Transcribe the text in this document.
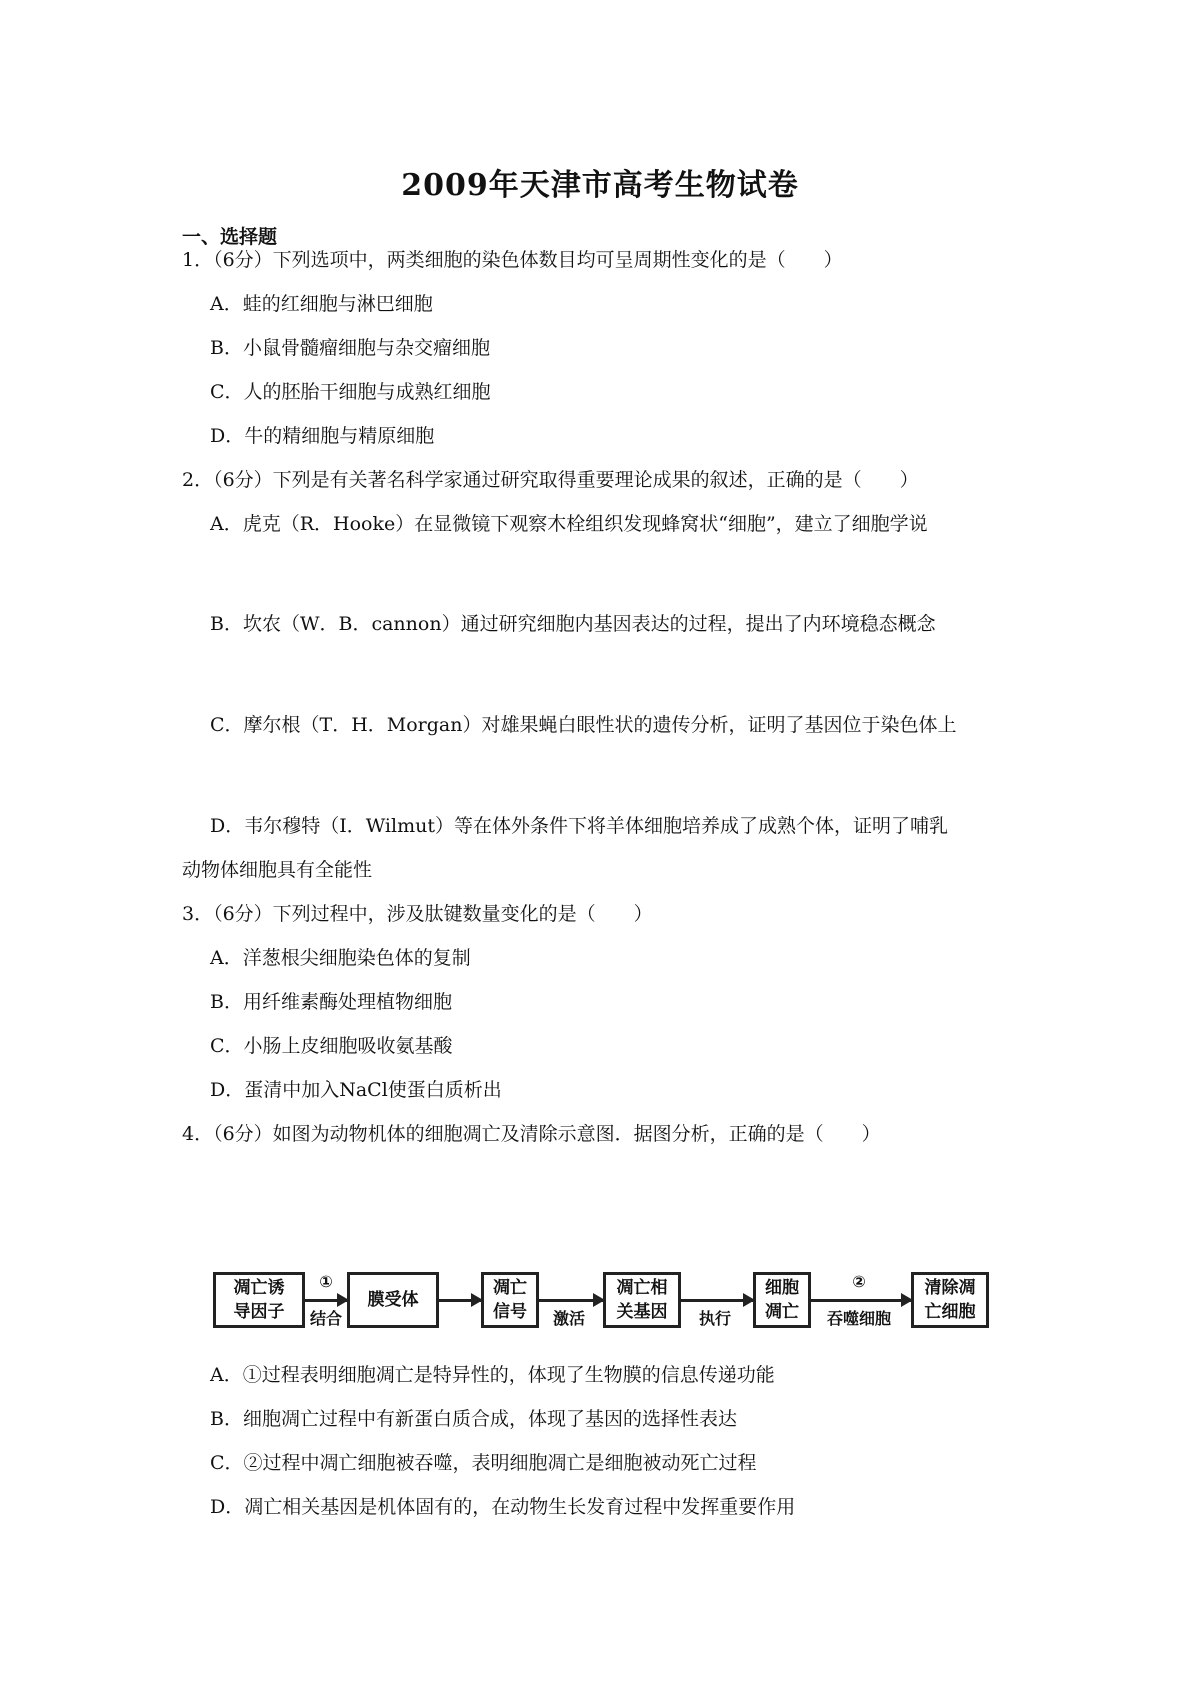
2009年天津市高考生物试卷
一、选择题
1．（6分）下列选项中，两类细胞的染色体数目均可呈周期性变化的是（　　）
A．蛙的红细胞与淋巴细胞
B．小鼠骨髓瘤细胞与杂交瘤细胞
C．人的胚胎干细胞与成熟红细胞
D．牛的精细胞与精原细胞
2．（6分）下列是有关著名科学家通过研究取得重要理论成果的叙述，正确的是（　　）
A．虎克（R．Hooke）在显微镜下观察木栓组织发现蜂窝状“细胞”，建立了细胞学说
B．坎农（W．B．cannon）通过研究细胞内基因表达的过程，提出了内环境稳态概念
C．摩尔根（T．H．Morgan）对雄果蝇白眼性状的遗传分析，证明了基因位于染色体上
D．韦尔穆特（I．Wilmut）等在体外条件下将羊体细胞培养成了成熟个体，证明了哺乳
动物体细胞具有全能性
3．（6分）下列过程中，涉及肽键数量变化的是（　　）
A．洋葱根尖细胞染色体的复制
B．用纤维素酶处理植物细胞
C．小肠上皮细胞吸收氨基酸
D．蛋清中加入NaCl使蛋白质析出
4．（6分）如图为动物机体的细胞凋亡及清除示意图．据图分析，正确的是（　　）
凋亡诱
导因子
①
结合
膜受体
凋亡
信号	激活
凋亡相
关基因	执行
细胞
凋亡
②
吞噬细胞
清除凋
亡细胞
A．①过程表明细胞凋亡是特异性的，体现了生物膜的信息传递功能
B．细胞凋亡过程中有新蛋白质合成，体现了基因的选择性表达
C．②过程中凋亡细胞被吞噬，表明细胞凋亡是细胞被动死亡过程
D．凋亡相关基因是机体固有的，在动物生长发育过程中发挥重要作用
